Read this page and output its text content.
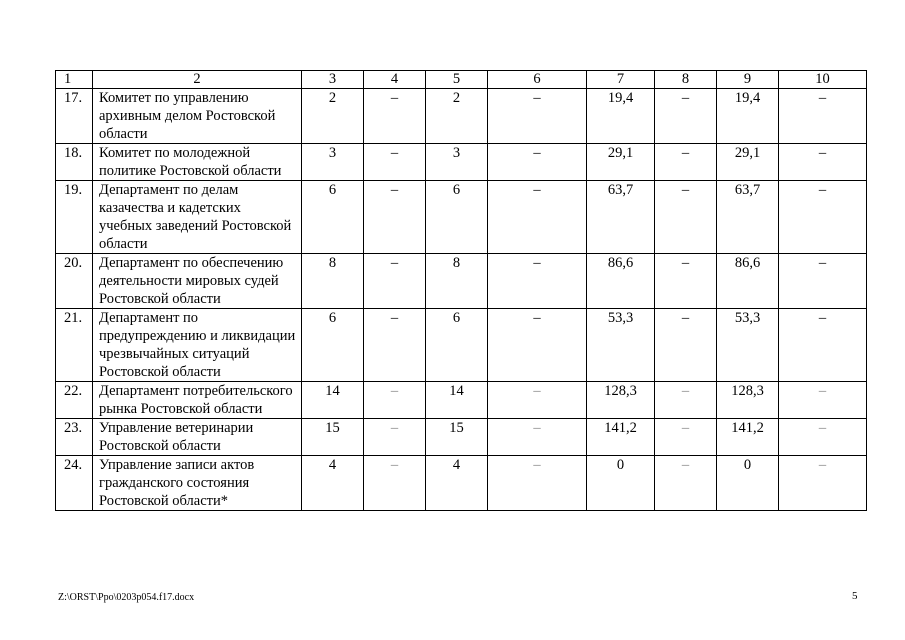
1	2	3	4	5	6	7	8	9	10
17.	Комитет по управлению архивным делом Ростовской области	2	–	2	–	19,4	–	19,4	–
18.	Комитет по молодежной политике Ростовской области	3	–	3	–	29,1	–	29,1	–
19.	Департамент по делам казачества и кадетских учебных заведений Ростовской области	6	–	6	–	63,7	–	63,7	–
20.	Департамент по обеспечению деятельности мировых судей Ростовской области	8	–	8	–	86,6	–	86,6	–
21.	Департамент по предупреждению и ликвидации чрезвычайных ситуаций Ростовской области	6	–	6	–	53,3	–	53,3	–
22.	Департамент потребительского рынка Ростовской области	14	–	14	–	128,3	–	128,3	–
23.	Управление ветеринарии Ростовской области	15	–	15	–	141,2	–	141,2	–
24.	Управление записи актов гражданского состояния Ростовской области*	4	–	4	–	0	–	0	–
Z:\ORST\Ppo\0203p054.f17.docx	5
